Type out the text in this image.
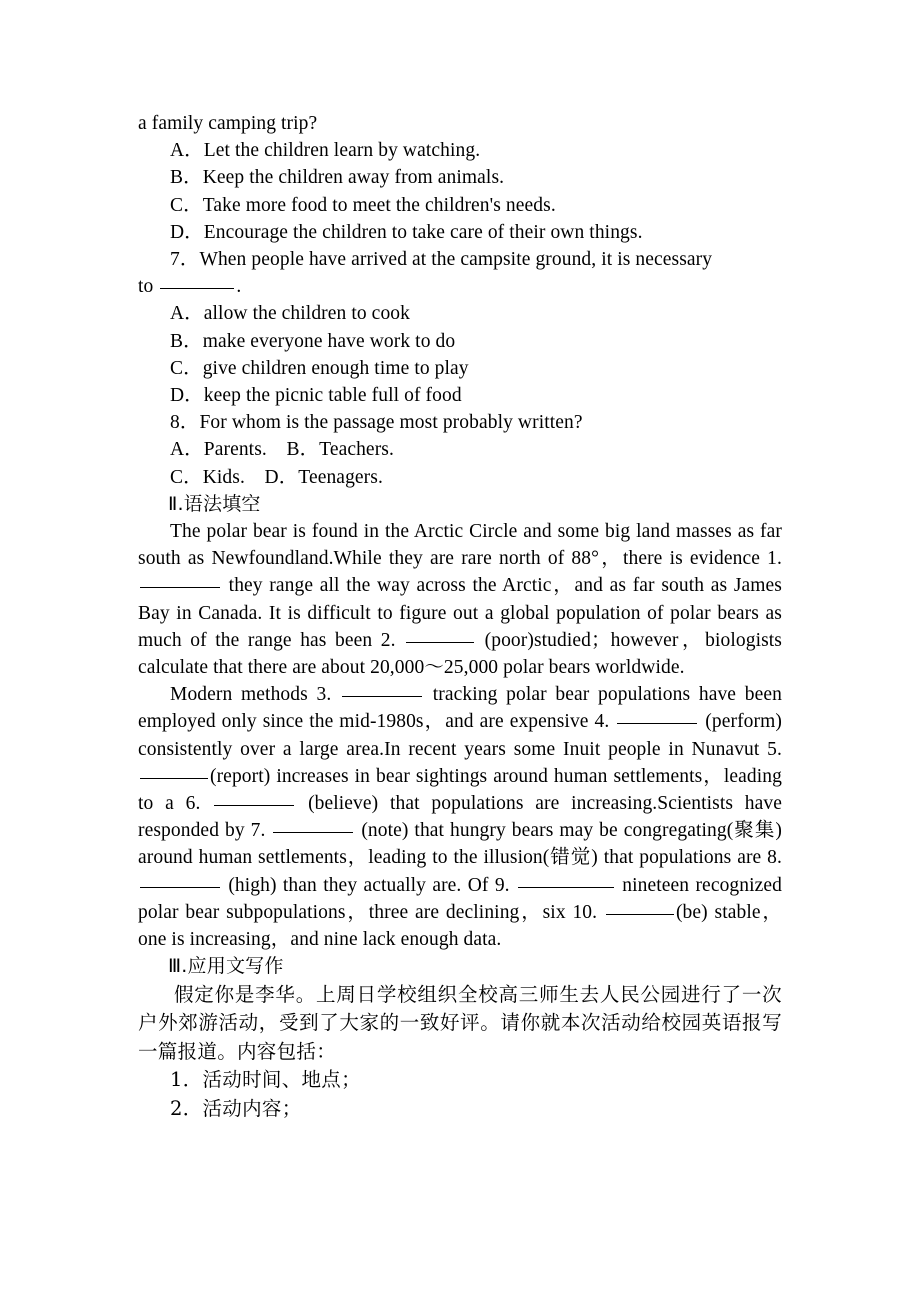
a family camping trip?
A．Let the children learn by watching.
B．Keep the children away from animals.
C．Take more food to meet the children's needs.
D．Encourage the children to take care of their own things.
7．When people have arrived at the campsite ground, it is necessary
to	.
A．allow the children to cook
B．make everyone have work to do
C．give children enough time to play
D．keep the picnic table full of food
8．For whom is the passage most probably written?
A．Parents.　B．Teachers.
C．Kids.　D．Teenagers.
Ⅱ.语法填空

The polar bear is found in the Arctic Circle and some big land masses as far south as Newfoundland.While they are rare north of 88°，there is evidence 1.  they range all the way across the Arctic，and as far south as James Bay in Canada. It is difficult to figure out a global population of polar bears as much of the range has been 2.	(poor)studied；however，biologists calculate that there are about 20,000～25,000 polar bears worldwide.

Modern methods 3.	tracking polar bear populations have been employed only since the mid-1980s，and are expensive 4.	(perform) consistently over a large area.In recent years some Inuit people in Nunavut 5. (report) increases in bear sightings around human settlements，leading to a 6.	(believe) that populations are increasing.Scientists have responded by 7.	(note) that hungry bears may be congregating(聚集) around human settlements，leading to the illusion(错觉) that populations are 8.  (high) than they actually are. Of 9.	nineteen recognized polar bear subpopulations，three are declining，six 10.	(be) stable，one is increasing，and nine lack enough data.

Ⅲ.应用文写作

假定你是李华。上周日学校组织全校高三师生去人民公园进行了一次户外郊游活动，受到了大家的一致好评。请你就本次活动给校园英语报写一篇报道。内容包括：

1．活动时间、地点；
2．活动内容；
